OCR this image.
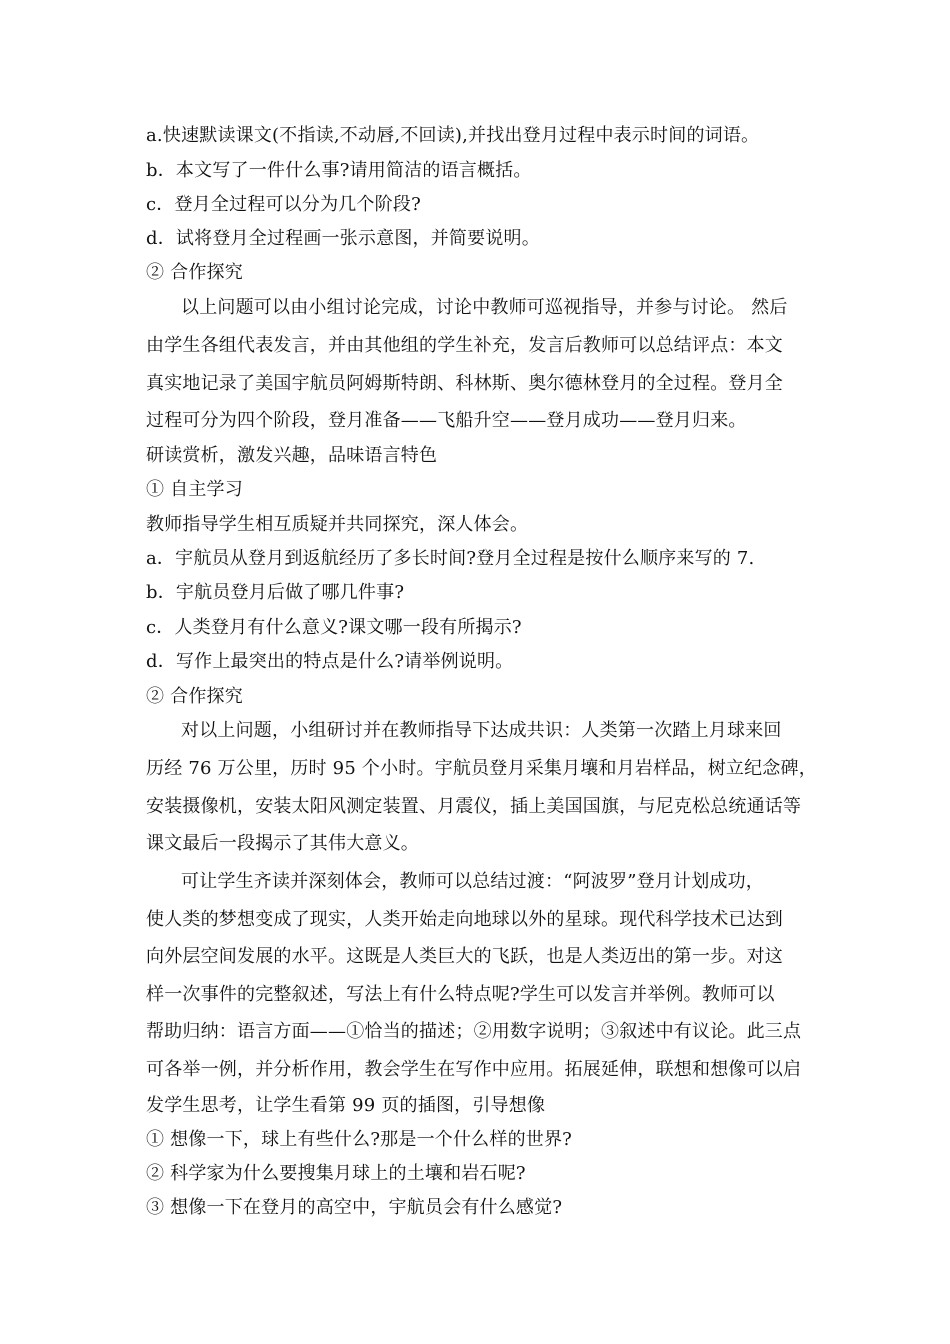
a.快速默读课文(不指读,不动唇,不回读),并找出登月过程中表示时间的词语。
b．本文写了一件什么事?请用简洁的语言概括。
c．登月全过程可以分为几个阶段?
d．试将登月全过程画一张示意图，并简要说明。
② 合作探究
以上问题可以由小组讨论完成，讨论中教师可巡视指导，并参与讨论。 然后
由学生各组代表发言，并由其他组的学生补充，发言后教师可以总结评点：本文
真实地记录了美国宇航员阿姆斯特朗、科林斯、奥尔德林登月的全过程。登月全
过程可分为四个阶段，登月准备——飞船升空——登月成功——登月归来。
研读赏析，激发兴趣，品味语言特色
① 自主学习
教师指导学生相互质疑并共同探究，深人体会。
a．宇航员从登月到返航经历了多长时间?登月全过程是按什么顺序来写的 7.
b．宇航员登月后做了哪几件事?
c．人类登月有什么意义?课文哪一段有所揭示?
d．写作上最突出的特点是什么?请举例说明。
② 合作探究
对以上问题，小组研讨并在教师指导下达成共识：人类第一次踏上月球来回
历经 76 万公里，历时 95 个小时。宇航员登月采集月壤和月岩样品，树立纪念碑，
安装摄像机，安装太阳风测定装置、月震仪，插上美国国旗，与尼克松总统通话等
课文最后一段揭示了其伟大意义。
可让学生齐读并深刻体会，教师可以总结过渡：“阿波罗”登月计划成功，
使人类的梦想变成了现实，人类开始走向地球以外的星球。现代科学技术已达到
向外层空间发展的水平。这既是人类巨大的飞跃，也是人类迈出的第一步。对这
样一次事件的完整叙述，写法上有什么特点呢?学生可以发言并举例。教师可以
帮助归纳：语言方面——①恰当的描述；②用数字说明；③叙述中有议论。此三点
可各举一例，并分析作用，教会学生在写作中应用。拓展延伸，联想和想像可以启
发学生思考，让学生看第 99 页的插图，引导想像
① 想像一下，球上有些什么?那是一个什么样的世界?
② 科学家为什么要搜集月球上的土壤和岩石呢?
③ 想像一下在登月的高空中，宇航员会有什么感觉?
